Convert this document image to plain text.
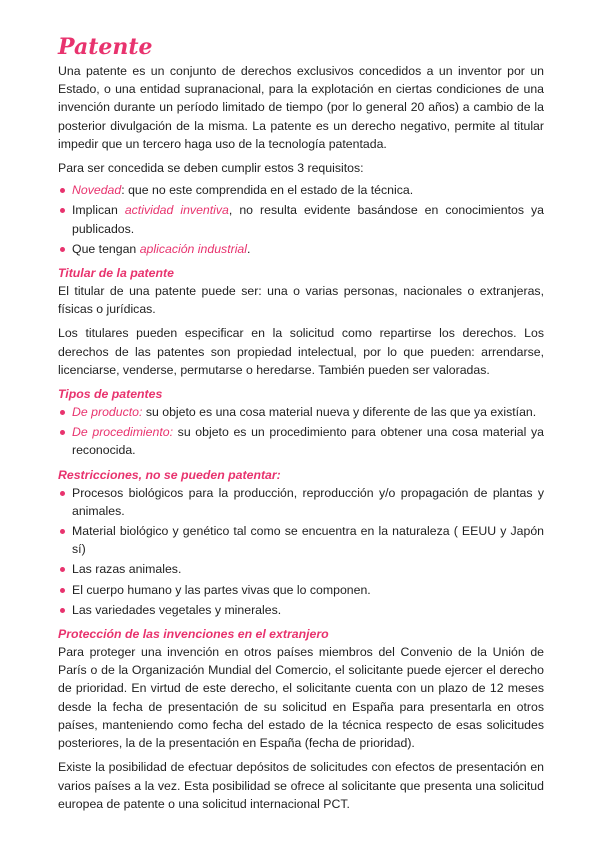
Patente

Una patente es un conjunto de derechos exclusivos concedidos a un inventor por un Estado, o una entidad supranacional, para la explotación en ciertas condiciones de una invención durante un período limitado de tiempo (por lo general 20 años) a cambio de la posterior divulgación de la misma. La patente es un derecho negativo, permite al titular impedir que un tercero haga uso de la tecnología patentada.

Para ser concedida se deben cumplir estos 3 requisitos:

Novedad: que no este comprendida en el estado de la técnica.
Implican actividad inventiva, no resulta evidente basándose en conocimientos ya publicados.
Que tengan aplicación industrial.
Titular de la patente

El titular de una patente puede ser: una o varias personas, nacionales o extranjeras, físicas o jurídicas.

Los titulares pueden especificar en la solicitud como repartirse los derechos. Los derechos de las patentes son propiedad intelectual, por lo que pueden: arrendarse, licenciarse, venderse, permutarse o heredarse. También pueden ser valoradas.

Tipos de patentes
De producto: su objeto es una cosa material nueva y diferente de las que ya existían.
De procedimiento: su objeto es un procedimiento para obtener una cosa material ya reconocida.
Restricciones, no se pueden patentar:
Procesos biológicos para la producción, reproducción y/o propagación de plantas y animales.
Material biológico y genético tal como se encuentra en la naturaleza ( EEUU y Japón sí)
Las razas animales.
El cuerpo humano y las partes vivas que lo componen.
Las variedades vegetales y minerales.
Protección de las invenciones en el extranjero

Para proteger una invención en otros países miembros del Convenio de la Unión de París o de la Organización Mundial del Comercio, el solicitante puede ejercer el derecho de prioridad. En virtud de este derecho, el solicitante cuenta con un plazo de 12 meses desde la fecha de presentación de su solicitud en España para presentarla en otros países, manteniendo como fecha del estado de la técnica respecto de esas solicitudes posteriores, la de la presentación en España (fecha de prioridad).

Existe la posibilidad de efectuar depósitos de solicitudes con efectos de presentación en varios países a la vez. Esta posibilidad se ofrece al solicitante que presenta una solicitud europea de patente o una solicitud internacional PCT.
